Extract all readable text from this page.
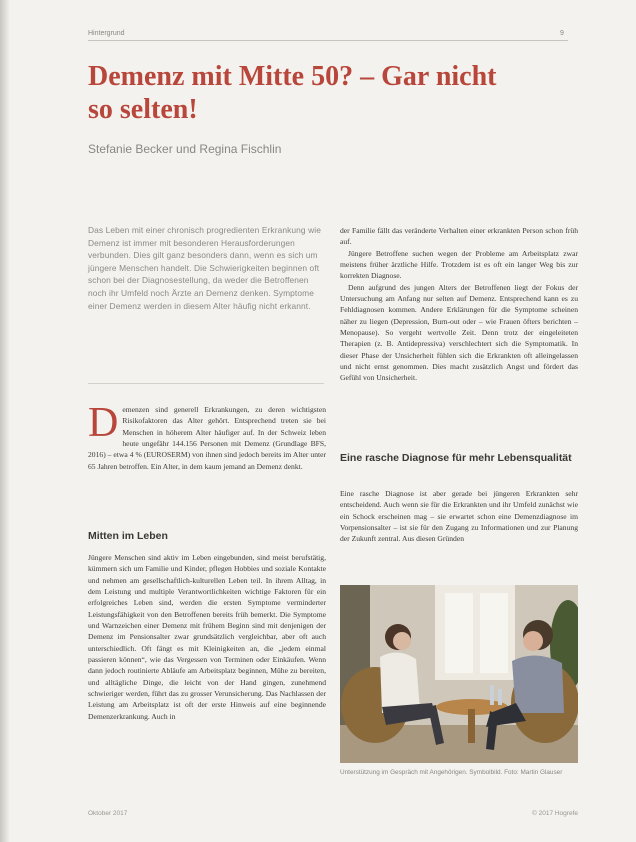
Hintergrund	9
Demenz mit Mitte 50? – Gar nicht so selten!
Stefanie Becker und Regina Fischlin

Das Leben mit einer chronisch progredienten Erkrankung wie Demenz ist immer mit besonderen Herausforderungen verbunden. Dies gilt ganz besonders dann, wenn es sich um jüngere Menschen handelt. Die Schwierigkeiten beginnen oft schon bei der Diagnosestellung, da weder die Betroffenen noch ihr Umfeld noch Ärzte an Demenz denken. Symptome einer Demenz werden in diesem Alter häufig nicht erkannt.

Demenzen sind generell Erkrankungen, zu deren wichtigsten Risikofaktoren das Alter gehört. Entsprechend treten sie bei Menschen in höherem Alter häufiger auf. In der Schweiz leben heute ungefähr 144.156 Personen mit Demenz (Grundlage BFS, 2016) – etwa 4 % (EUROSERM) von ihnen sind jedoch bereits im Alter unter 65 Jahren betroffen. Ein Alter, in dem kaum jemand an Demenz denkt.

Mitten im Leben

Jüngere Menschen sind aktiv im Leben eingebunden, sind meist berufstätig, kümmern sich um Familie und Kinder, pflegen Hobbies und soziale Kontakte und nehmen am gesellschaftlich-kulturellen Leben teil. In ihrem Alltag, in dem Leistung und multiple Verantwortlichkeiten wichtige Faktoren für ein erfolgreiches Leben sind, werden die ersten Symptome verminderter Leistungsfähigkeit von den Betroffenen bereits früh bemerkt. Die Symptome und Warnzeichen einer Demenz mit frühem Beginn sind mit denjenigen der Demenz im Pensionsalter zwar grundsätzlich vergleichbar, aber oft auch unterschiedlich. Oft fängt es mit Kleinigkeiten an, die „jedem einmal passieren können“, wie das Vergessen von Terminen oder Einkäufen. Wenn dann jedoch routinierte Abläufe am Arbeitsplatz beginnen, Mühe zu bereiten, und alltägliche Dinge, die leicht von der Hand gingen, zunehmend schwieriger werden, führt das zu grosser Verunsicherung. Das Nachlassen der Leistung am Arbeitsplatz ist oft der erste Hinweis auf eine beginnende Demenzerkrankung. Auch in

der Familie fällt das veränderte Verhalten einer erkrankten Person schon früh auf.

Jüngere Betroffene suchen wegen der Probleme am Arbeitsplatz zwar meistens früher ärztliche Hilfe. Trotzdem ist es oft ein langer Weg bis zur korrekten Diagnose.

Denn aufgrund des jungen Alters der Betroffenen liegt der Fokus der Untersuchung am Anfang nur selten auf Demenz. Entsprechend kann es zu Fehldiagnosen kommen. Andere Erklärungen für die Symptome scheinen näher zu liegen (Depression, Burn-out oder – wie Frauen öfters berichten – Menopause). So vergeht wertvolle Zeit. Denn trotz der eingeleiteten Therapien (z. B. Antidepressiva) verschlechtert sich die Symptomatik. In dieser Phase der Unsicherheit fühlen sich die Erkrankten oft alleingelassen und nicht ernst genommen. Dies macht zusätzlich Angst und fördert das Gefühl von Unsicherheit.

Eine rasche Diagnose für mehr Lebensqualität

Eine rasche Diagnose ist aber gerade bei jüngeren Erkrankten sehr entscheidend. Auch wenn sie für die Erkrankten und ihr Umfeld zunächst wie ein Schock erscheinen mag – sie erwartet schon eine Demenzdiagnose im Vorpensionsalter – ist sie für den Zugang zu Informationen und zur Planung der Zukunft zentral. Aus diesen Gründen

Unterstützung im Gespräch mit Angehörigen. Symbolbild. Foto: Martin Glauser
Oktober 2017	© 2017 Hogrefe
